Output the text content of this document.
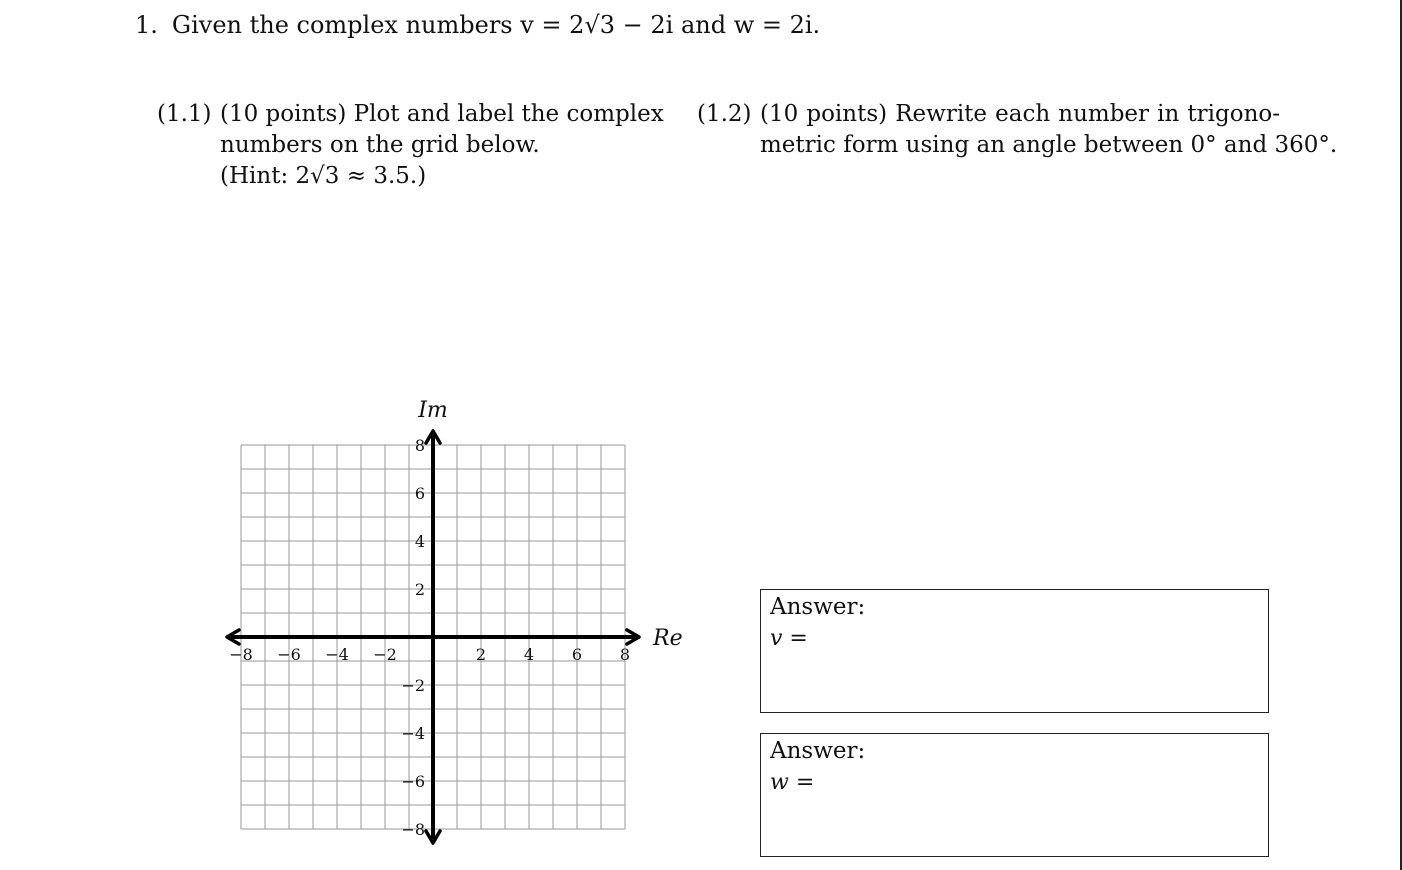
1. Given the complex numbers v = 2√3 − 2i and w = 2i.
(1.1) (10 points) Plot and label the complex
numbers on the grid below.
(Hint: 2√3 ≈ 3.5.)
(1.2) (10 points) Rewrite each number in trigono-
metric form using an angle between 0° and 360°.
−8 −6 −4 −2	2 4 6 8
8
6
4
2
−2
−4
−6
−8
Re
Im
Answer:
v =
Answer:
w =
